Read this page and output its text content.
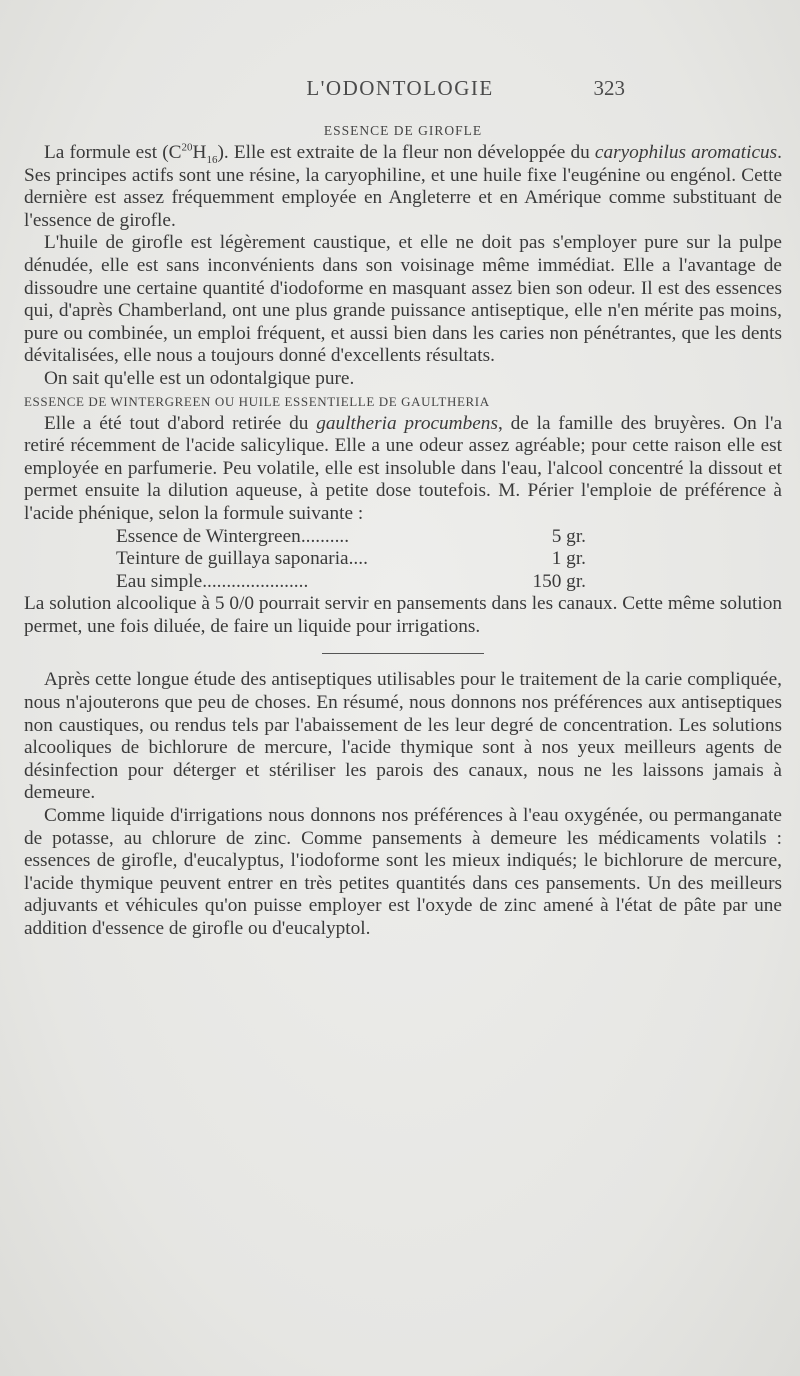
L'ODONTOLOGIE	323
ESSENCE DE GIROFLE

La formule est $(C^{20}H_{16})$. Elle est extraite de la fleur non développée du caryophilus aromaticus. Ses principes actifs sont une résine, la caryophiline, et une huile fixe l'eugénine ou engénol. Cette dernière est assez fréquemment employée en Angleterre et en Amérique comme substituant de l'essence de girofle.

L'huile de girofle est légèrement caustique, et elle ne doit pas s'employer pure sur la pulpe dénudée, elle est sans inconvénients dans son voisinage même immédiat. Elle a l'avantage de dissoudre une certaine quantité d'iodoforme en masquant assez bien son odeur. Il est des essences qui, d'après Chamberland, ont une plus grande puissance antiseptique, elle n'en mérite pas moins, pure ou combinée, un emploi fréquent, et aussi bien dans les caries non pénétrantes, que les dents dévitalisées, elle nous a toujours donné d'excellents résultats.

On sait qu'elle est un odontalgique pure.

ESSENCE DE WINTERGREEN OU HUILE ESSENTIELLE DE GAULTHERIA

Elle a été tout d'abord retirée du gaultheria procumbens, de la famille des bruyères. On l'a retiré récemment de l'acide salicylique. Elle a une odeur assez agréable; pour cette raison elle est employée en parfumerie. Peu volatile, elle est insoluble dans l'eau, l'alcool concentré la dissout et permet ensuite la dilution aqueuse, à petite dose toutefois. M. Périer l'emploie de préférence à l'acide phénique, selon la formule suivante :

Essence de Wintergreen..........	5 gr.
Teinture de guillaya saponaria....	1 gr.
Eau simple......................	150 gr.

La solution alcoolique à 5 0/0 pourrait servir en pansements dans les canaux. Cette même solution permet, une fois diluée, de faire un liquide pour irrigations.

Après cette longue étude des antiseptiques utilisables pour le traitement de la carie compliquée, nous n'ajouterons que peu de choses. En résumé, nous donnons nos préférences aux antiseptiques non caustiques, ou rendus tels par l'abaissement de les leur degré de concentration. Les solutions alcooliques de bichlorure de mercure, l'acide thymique sont à nos yeux meilleurs agents de désinfection pour déterger et stériliser les parois des canaux, nous ne les laissons jamais à demeure.

Comme liquide d'irrigations nous donnons nos préférences à l'eau oxygénée, ou permanganate de potasse, au chlorure de zinc. Comme pansements à demeure les médicaments volatils : essences de girofle, d'eucalyptus, l'iodoforme sont les mieux indiqués; le bichlorure de mercure, l'acide thymique peuvent entrer en très petites quantités dans ces pansements. Un des meilleurs adjuvants et véhicules qu'on puisse employer est l'oxyde de zinc amené à l'état de pâte par une addition d'essence de girofle ou d'eucalyptol.
